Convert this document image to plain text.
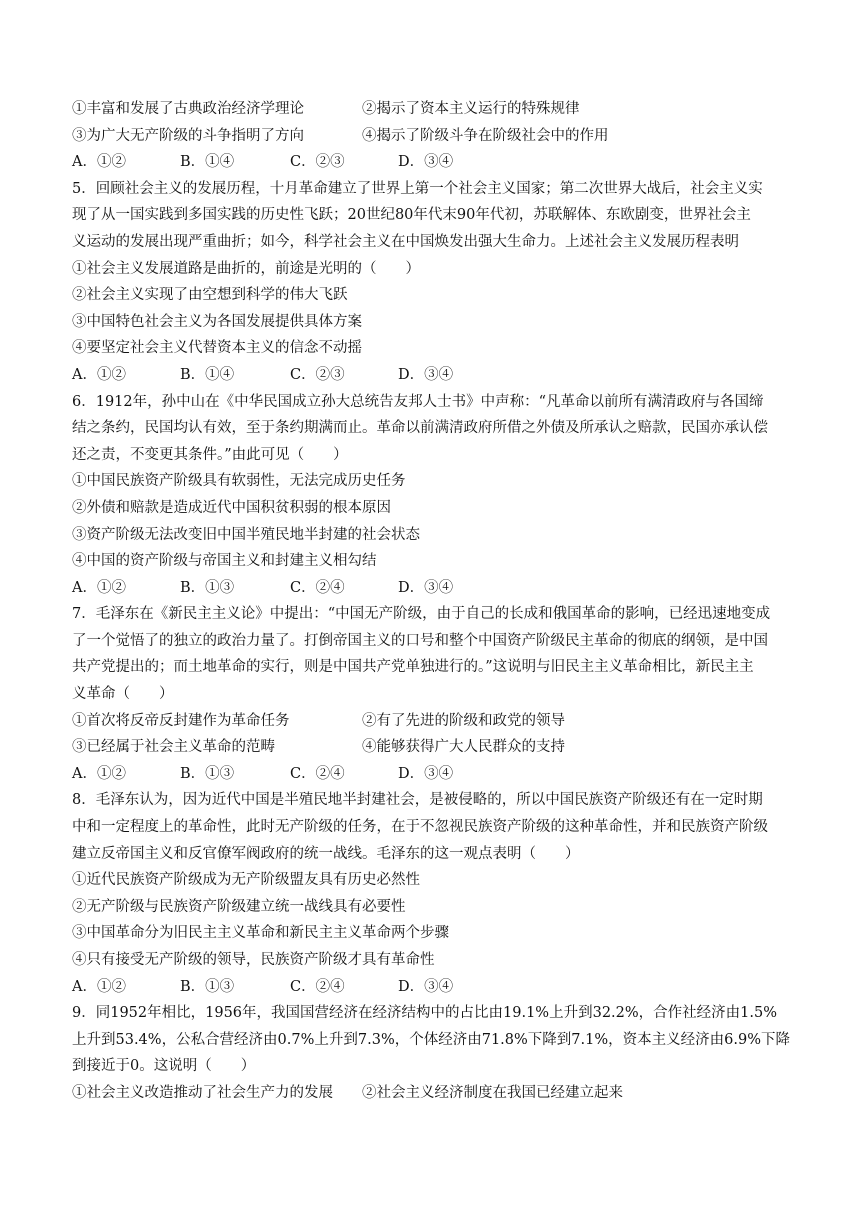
①丰富和发展了古典政治经济学理论	②揭示了资本主义运行的特殊规律
③为广大无产阶级的斗争指明了方向	④揭示了阶级斗争在阶级社会中的作用
A．①②	B．①④	C．②③	D．③④
5．回顾社会主义的发展历程，十月革命建立了世界上第一个社会主义国家；第二次世界大战后，社会主义实
现了从一国实践到多国实践的历史性飞跃；20世纪80年代末90年代初，苏联解体、东欧剧变，世界社会主
义运动的发展出现严重曲折；如今，科学社会主义在中国焕发出强大生命力。上述社会主义发展历程表明
①社会主义发展道路是曲折的，前途是光明的（　　）
②社会主义实现了由空想到科学的伟大飞跃
③中国特色社会主义为各国发展提供具体方案
④要坚定社会主义代替资本主义的信念不动摇
A．①②	B．①④	C．②③	D．③④
6．1912年，孙中山在《中华民国成立孙大总统告友邦人士书》中声称：“凡革命以前所有满清政府与各国缔
结之条约，民国均认有效，至于条约期满而止。革命以前满清政府所借之外债及所承认之赔款，民国亦承认偿
还之责，不变更其条件。”由此可见（　　）
①中国民族资产阶级具有软弱性，无法完成历史任务
②外债和赔款是造成近代中国积贫积弱的根本原因
③资产阶级无法改变旧中国半殖民地半封建的社会状态
④中国的资产阶级与帝国主义和封建主义相勾结
A．①②	B．①③	C．②④	D．③④
7．毛泽东在《新民主主义论》中提出：“中国无产阶级，由于自己的长成和俄国革命的影响，已经迅速地变成
了一个觉悟了的独立的政治力量了。打倒帝国主义的口号和整个中国资产阶级民主革命的彻底的纲领，是中国
共产党提出的；而土地革命的实行，则是中国共产党单独进行的。”这说明与旧民主主义革命相比，新民主主
义革命（　　）
①首次将反帝反封建作为革命任务	②有了先进的阶级和政党的领导
③已经属于社会主义革命的范畴	④能够获得广大人民群众的支持
A．①②	B．①③	C．②④	D．③④
8．毛泽东认为，因为近代中国是半殖民地半封建社会，是被侵略的，所以中国民族资产阶级还有在一定时期
中和一定程度上的革命性，此时无产阶级的任务，在于不忽视民族资产阶级的这种革命性，并和民族资产阶级
建立反帝国主义和反官僚军阀政府的统一战线。毛泽东的这一观点表明（　　）
①近代民族资产阶级成为无产阶级盟友具有历史必然性
②无产阶级与民族资产阶级建立统一战线具有必要性
③中国革命分为旧民主主义革命和新民主主义革命两个步骤
④只有接受无产阶级的领导，民族资产阶级才具有革命性
A．①②	B．①③	C．②④	D．③④
9．同1952年相比，1956年，我国国营经济在经济结构中的占比由19.1%上升到32.2%，合作社经济由1.5%
上升到53.4%，公私合营经济由0.7%上升到7.3%，个体经济由71.8%下降到7.1%，资本主义经济由6.9%下降
到接近于0。这说明（　　）
①社会主义改造推动了社会生产力的发展 ②社会主义经济制度在我国已经建立起来
